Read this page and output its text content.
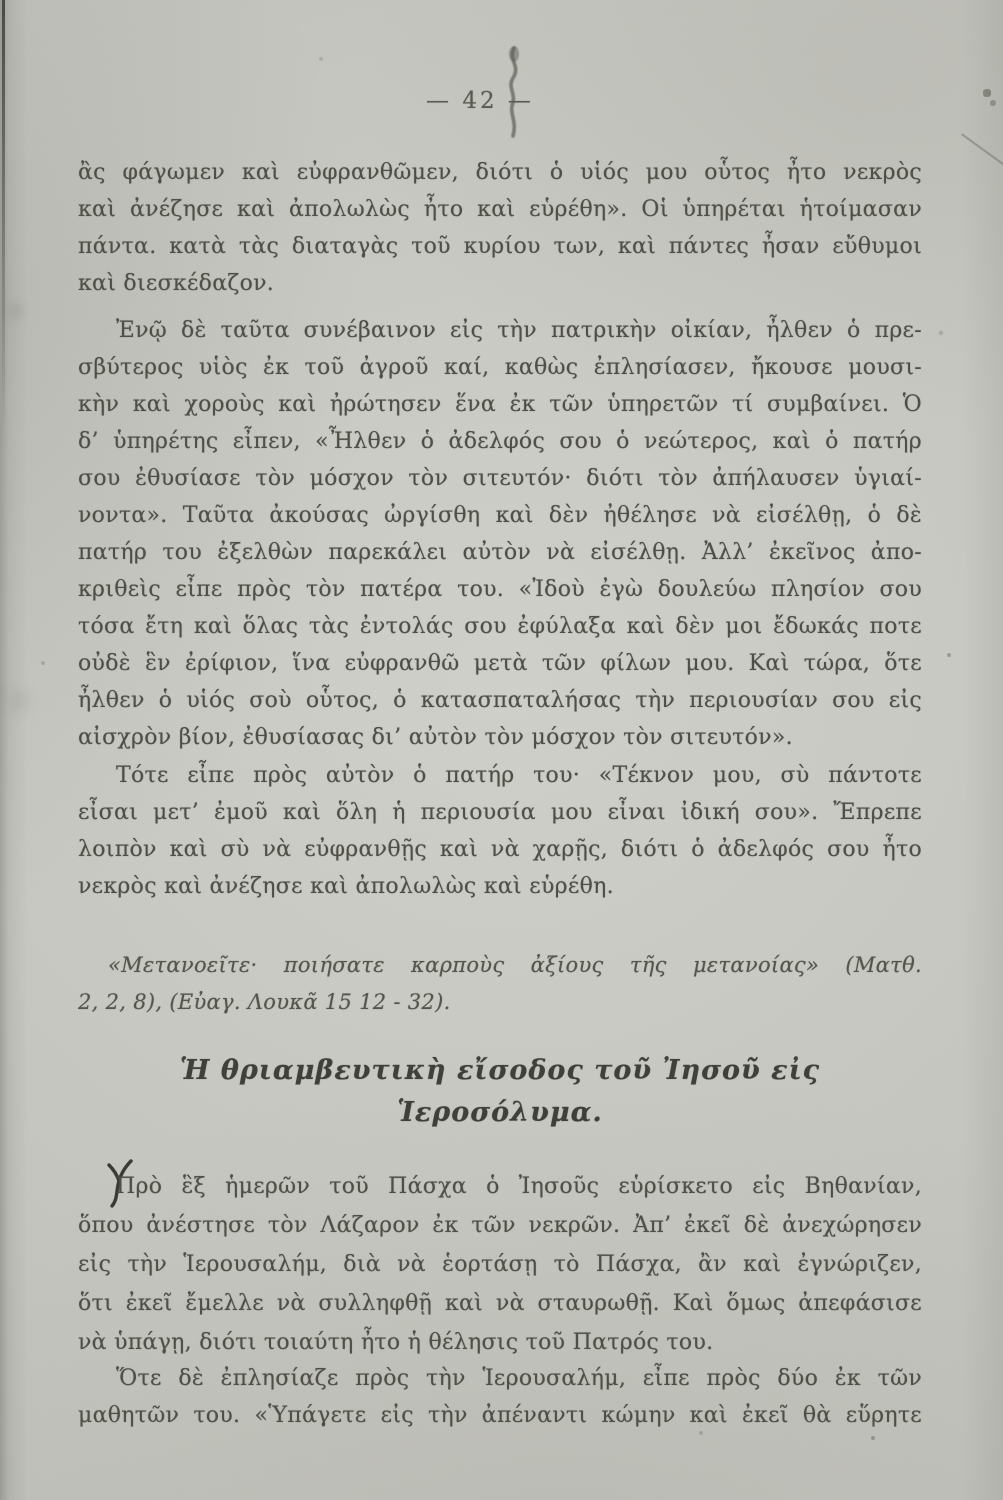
— 42 —
ἂς φάγωμεν καὶ εὐφρανθῶμεν, διότι ὁ υἱός μου οὗτος ἦτο νεκρὸς
καὶ ἀνέζησε καὶ ἀπολωλὼς ἦτο καὶ εὑρέθη». Οἱ ὑπηρέται ἡτοίμασαν
πάντα. κατὰ τὰς διαταγὰς τοῦ κυρίου των, καὶ πάντες ἦσαν εὔθυμοι
καὶ διεσκέδαζον.
Ἐνῷ δὲ ταῦτα συνέβαινον εἰς τὴν πατρικὴν οἰκίαν, ἦλθεν ὁ πρε-
σβύτερος υἱὸς ἐκ τοῦ ἀγροῦ καί, καθὼς ἐπλησίασεν, ἤκουσε μουσι-
κὴν καὶ χοροὺς καὶ ἠρώτησεν ἕνα ἐκ τῶν ὑπηρετῶν τί συμβαίνει. Ὁ
δ’ ὑπηρέτης εἶπεν, «Ἦλθεν ὁ ἀδελφός σου ὁ νεώτερος, καὶ ὁ πατήρ
σου ἐθυσίασε τὸν μόσχον τὸν σιτευτόν· διότι τὸν ἀπήλαυσεν ὑγιαί-
νοντα». Ταῦτα ἀκούσας ὠργίσθη καὶ δὲν ἠθέλησε νὰ εἰσέλθῃ, ὁ δὲ
πατήρ του ἐξελθὼν παρεκάλει αὐτὸν νὰ εἰσέλθῃ. Ἀλλ’ ἐκεῖνος ἀπο-
κριθεὶς εἶπε πρὸς τὸν πατέρα του. «Ἰδοὺ ἐγὼ δουλεύω πλησίον σου
τόσα ἔτη καὶ ὅλας τὰς ἐντολάς σου ἐφύλαξα καὶ δὲν μοι ἔδωκάς ποτε
οὐδὲ ἓν ἐρίφιον, ἵνα εὐφρανθῶ μετὰ τῶν φίλων μου. Καὶ τώρα, ὅτε
ἦλθεν ὁ υἱός σοὺ οὗτος, ὁ κατασπαταλήσας τὴν περιουσίαν σου εἰς
αἰσχρὸν βίον, ἐθυσίασας δι’ αὐτὸν τὸν μόσχον τὸν σιτευτόν».
Τότε εἶπε πρὸς αὐτὸν ὁ πατήρ του· «Τέκνον μου, σὺ πάντοτε
εἶσαι μετ’ ἐμοῦ καὶ ὅλη ἡ περιουσία μου εἶναι ἰδική σου». Ἔπρεπε
λοιπὸν καὶ σὺ νὰ εὐφρανθῇς καὶ νὰ χαρῇς, διότι ὁ ἀδελφός σου ἦτο
νεκρὸς καὶ ἀνέζησε καὶ ἀπολωλὼς καὶ εὑρέθη.
«Μετανοεῖτε· ποιήσατε καρποὺς ἀξίους τῆς μετανοίας» (Ματθ.
2, 2, 8), (Εὐαγ. Λουκᾶ 15 12 - 32).
Ἡ θριαμβευτικὴ εἴσοδος τοῦ Ἰησοῦ εἰς
Ἱεροσόλυμα.
Πρὸ ἓξ ἡμερῶν τοῦ Πάσχα ὁ Ἰησοῦς εὑρίσκετο εἰς Βηθανίαν,
ὅπου ἀνέστησε τὸν Λάζαρον ἐκ τῶν νεκρῶν. Ἀπ’ ἐκεῖ δὲ ἀνεχώρησεν
εἰς τὴν Ἱερουσαλήμ, διὰ νὰ ἑορτάσῃ τὸ Πάσχα, ἂν καὶ ἐγνώριζεν,
ὅτι ἐκεῖ ἔμελλε νὰ συλληφθῇ καὶ νὰ σταυρωθῇ. Καὶ ὅμως ἀπεφάσισε
νὰ ὑπάγῃ, διότι τοιαύτη ἦτο ἡ θέλησις τοῦ Πατρός του.
Ὅτε δὲ ἐπλησίαζε πρὸς τὴν Ἱερουσαλήμ, εἶπε πρὸς δύο ἐκ τῶν
μαθητῶν του. «Ὑπάγετε εἰς τὴν ἀπέναντι κώμην καὶ ἐκεῖ θὰ εὕρητε
